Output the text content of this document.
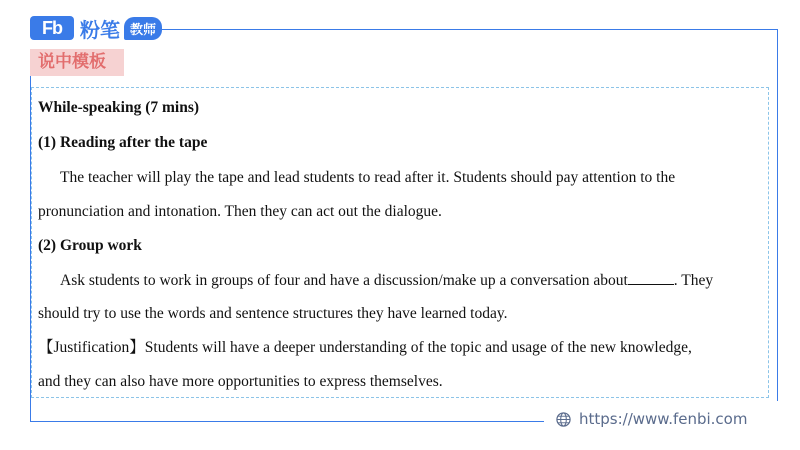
Fb 粉笔 教师
说中模板
While-speaking (7 mins)
(1) Reading after the tape
The teacher will play the tape and lead students to read after it. Students should pay attention to the
pronunciation and intonation. Then they can act out the dialogue.
(2) Group work
Ask students to work in groups of four and have a discussion/make up a conversation about	. They
should try to use the words and sentence structures they have learned today.
【Justification】Students will have a deeper understanding of the topic and usage of the new knowledge,
and they can also have more opportunities to express themselves.
https://www.fenbi.com
